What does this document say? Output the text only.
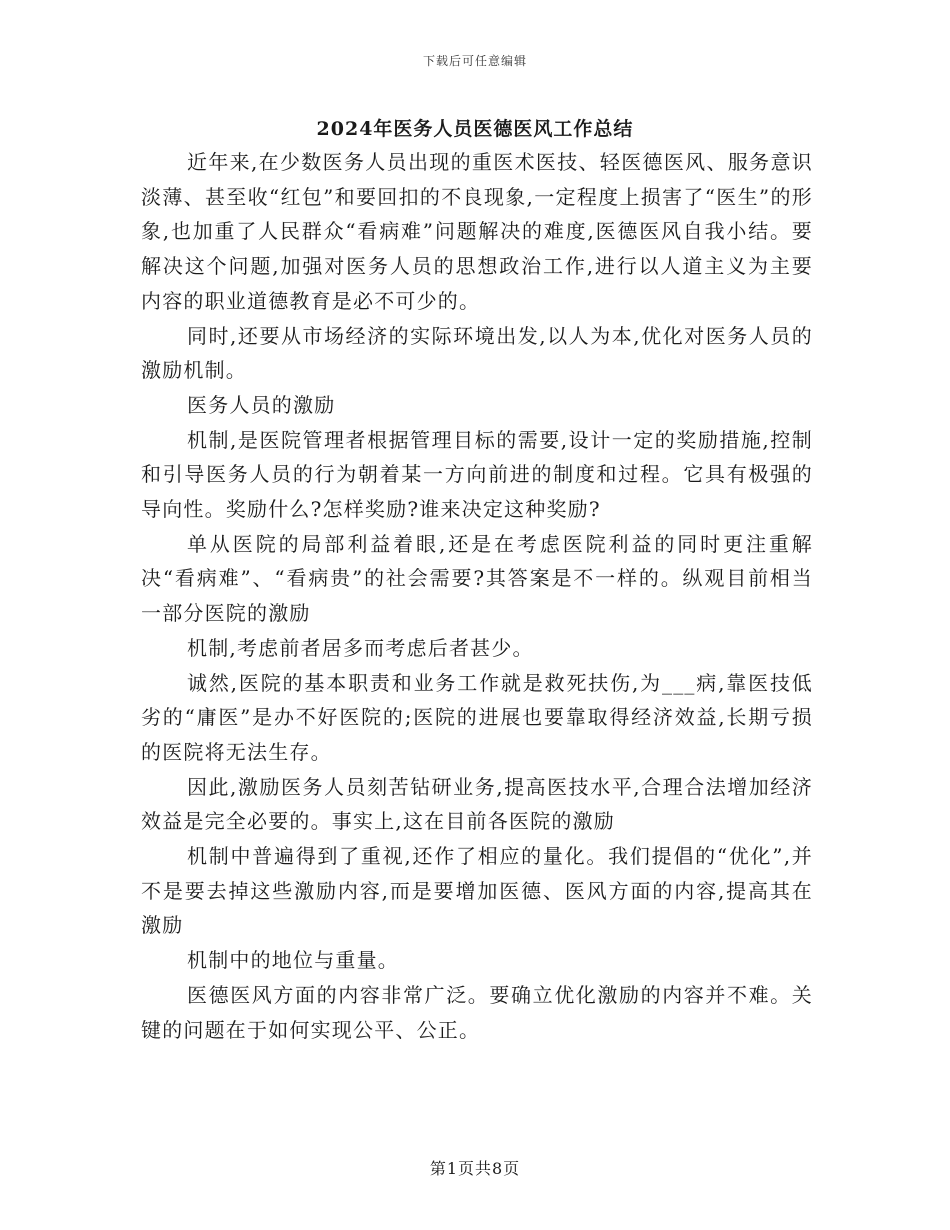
下载后可任意编辑
2024年医务人员医德医风工作总结

近年来,在少数医务人员出现的重医术医技、轻医德医风、服务意识淡薄、甚至收“红包”和要回扣的不良现象,一定程度上损害了“医生”的形象,也加重了人民群众“看病难”问题解决的难度,医德医风自我小结。要解决这个问题,加强对医务人员的思想政治工作,进行以人道主义为主要内容的职业道德教育是必不可少的。

同时,还要从市场经济的实际环境出发,以人为本,优化对医务人员的激励机制。

医务人员的激励

机制,是医院管理者根据管理目标的需要,设计一定的奖励措施,控制和引导医务人员的行为朝着某一方向前进的制度和过程。它具有极强的导向性。奖励什么?怎样奖励?谁来决定这种奖励?

单从医院的局部利益着眼,还是在考虑医院利益的同时更注重解决“看病难”、“看病贵”的社会需要?其答案是不一样的。纵观目前相当一部分医院的激励

机制,考虑前者居多而考虑后者甚少。

诚然,医院的基本职责和业务工作就是救死扶伤,为___病,靠医技低劣的“庸医”是办不好医院的;医院的进展也要靠取得经济效益,长期亏损的医院将无法生存。

因此,激励医务人员刻苦钻研业务,提高医技水平,合理合法增加经济效益是完全必要的。事实上,这在目前各医院的激励

机制中普遍得到了重视,还作了相应的量化。我们提倡的“优化”,并不是要去掉这些激励内容,而是要增加医德、医风方面的内容,提高其在激励

机制中的地位与重量。

医德医风方面的内容非常广泛。要确立优化激励的内容并不难。关键的问题在于如何实现公平、公正。

第1页共8页
